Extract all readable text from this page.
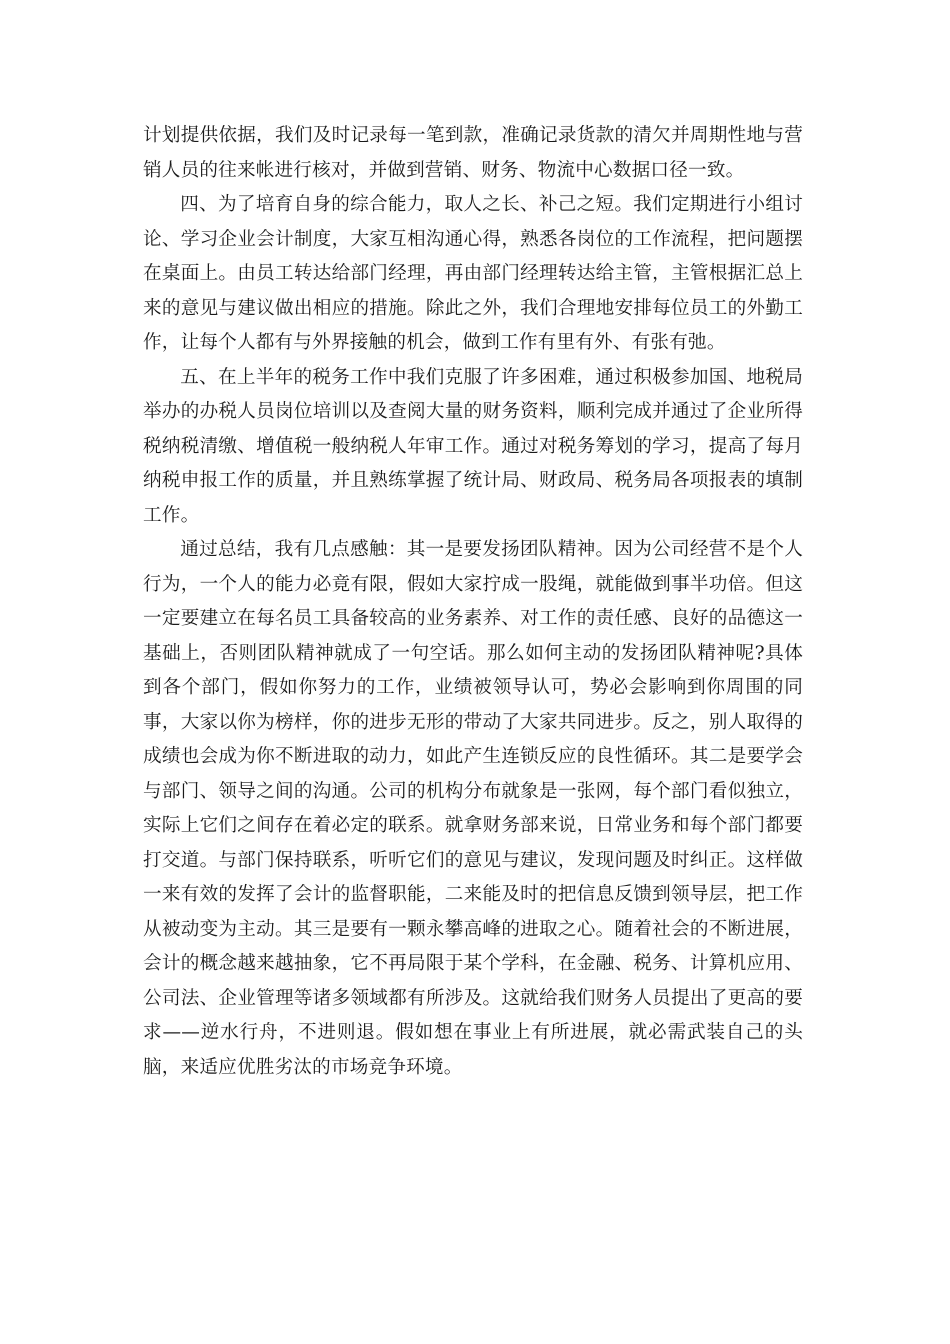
计划提供依据，我们及时记录每一笔到款，准确记录货款的清欠并周期性地与营销人员的往来帐进行核对，并做到营销、财务、物流中心数据口径一致。

四、为了培育自身的综合能力，取人之长、补己之短。我们定期进行小组讨论、学习企业会计制度，大家互相沟通心得，熟悉各岗位的工作流程，把问题摆在桌面上。由员工转达给部门经理，再由部门经理转达给主管，主管根据汇总上来的意见与建议做出相应的措施。除此之外，我们合理地安排每位员工的外勤工作，让每个人都有与外界接触的机会，做到工作有里有外、有张有弛。

五、在上半年的税务工作中我们克服了许多困难，通过积极参加国、地税局举办的办税人员岗位培训以及查阅大量的财务资料，顺利完成并通过了企业所得税纳税清缴、增值税一般纳税人年审工作。通过对税务筹划的学习，提高了每月纳税申报工作的质量，并且熟练掌握了统计局、财政局、税务局各项报表的填制工作。

通过总结，我有几点感触：其一是要发扬团队精神。因为公司经营不是个人行为，一个人的能力必竟有限，假如大家拧成一股绳，就能做到事半功倍。但这一定要建立在每名员工具备较高的业务素养、对工作的责任感、良好的品德这一基础上，否则团队精神就成了一句空话。那么如何主动的发扬团队精神呢?具体到各个部门，假如你努力的工作，业绩被领导认可，势必会影响到你周围的同事，大家以你为榜样，你的进步无形的带动了大家共同进步。反之，别人取得的成绩也会成为你不断进取的动力，如此产生连锁反应的良性循环。其二是要学会与部门、领导之间的沟通。公司的机构分布就象是一张网，每个部门看似独立，实际上它们之间存在着必定的联系。就拿财务部来说，日常业务和每个部门都要打交道。与部门保持联系，听听它们的意见与建议，发现问题及时纠正。这样做一来有效的发挥了会计的监督职能，二来能及时的把信息反馈到领导层，把工作从被动变为主动。其三是要有一颗永攀高峰的进取之心。随着社会的不断进展，会计的概念越来越抽象，它不再局限于某个学科，在金融、税务、计算机应用、公司法、企业管理等诸多领域都有所涉及。这就给我们财务人员提出了更高的要求——逆水行舟，不进则退。假如想在事业上有所进展，就必需武装自己的头脑，来适应优胜劣汰的市场竞争环境。
